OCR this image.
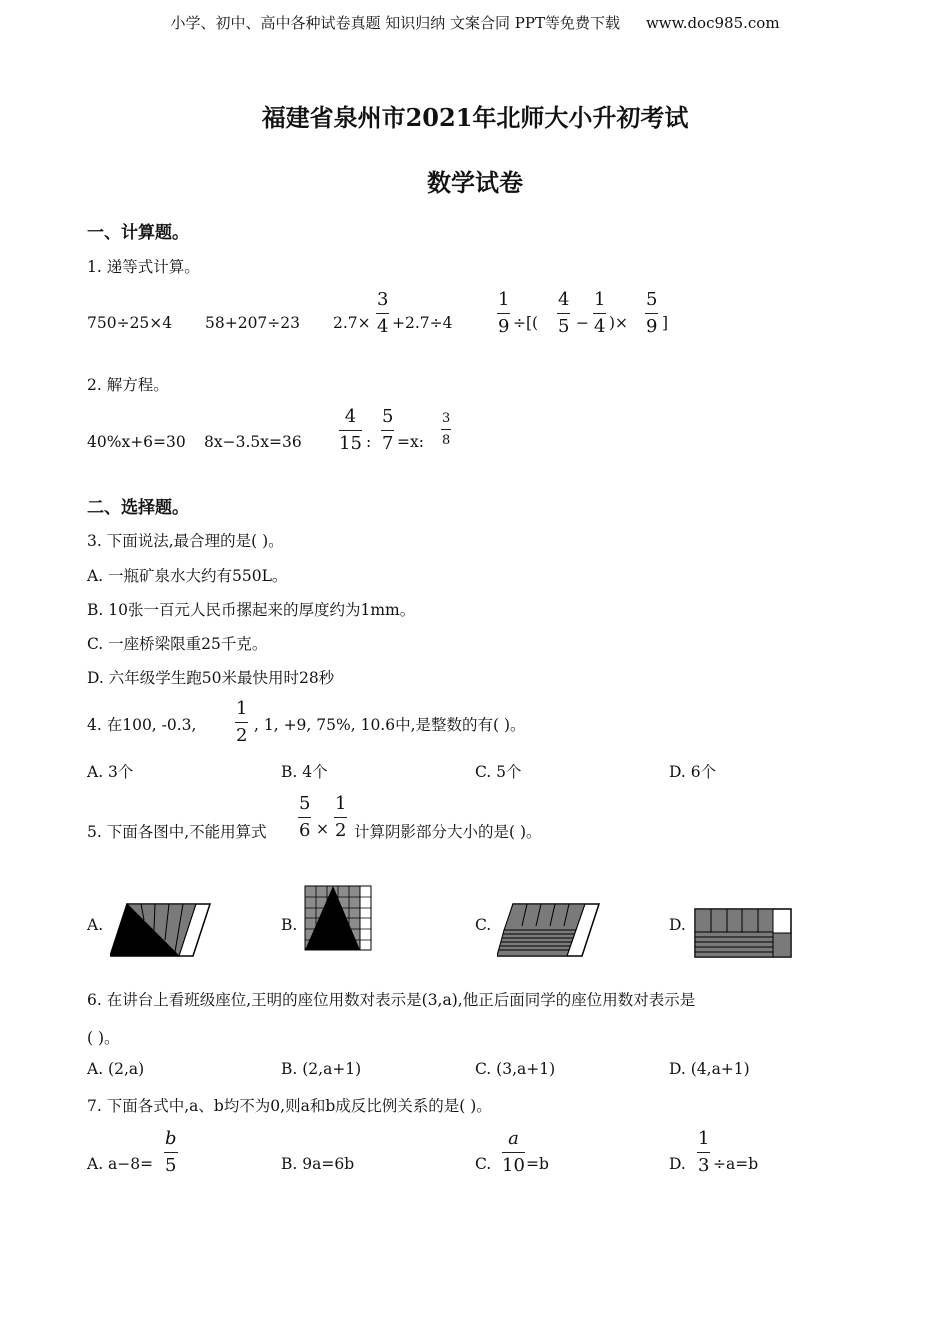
小学、初中、高中各种试卷真题 知识归纳 文案合同 PPT等免费下载 www.doc985.com
福建省泉州市2021年北师大小升初考试
数学试卷
一、计算题。
1. 递等式计算。
750÷25×4 58+207÷23 $2.7\times \frac{3}{4} +2.7\div 4 \frac{1}{9}$ ÷[( $\frac{4}{5} - \frac{1}{4}$ )× $\frac{5}{9}$ ]
2. 解方程。
40%x+6=30 $8x-3.5x=36 \frac{4}{15}$ : $\frac{5}{7} =x$: $\frac{3}{8}$
二、选择题。
3. 下面说法,最合理的是( )。
A. 一瓶矿泉水大约有550L。
B. 10张一百元人民币摞起来的厚度约为1mm。
C. 一座桥梁限重25千克。
D. 六年级学生跑50米最快用时28秒
4. 在100, -0.3, $\frac{1}{2}$ , 1, +9, 75%, 10.6中,是整数的有( )。
A. 3个	B. 4个	C. 5个	D. 6个
5. 下面各图中,不能用算式 $\frac{5}{6} \times \frac{1}{2}$ 计算阴影部分大小的是( )。
A.	B.	C.	D.
6. 在讲台上看班级座位,王明的座位用数对表示是(3,a),他正后面同学的座位用数对表示是
( )。
A. (2,a)	B. (2,a+1)	C. (3,a+1)	D. (4,a+1)
7. 下面各式中,a、b均不为0,则a和b成反比例关系的是( )。
A. $a-8= \frac{b}{5}$	B. 9a=6b	C. $\frac{a}{10} =b$	D. $\frac{1}{3} \div a=b$
